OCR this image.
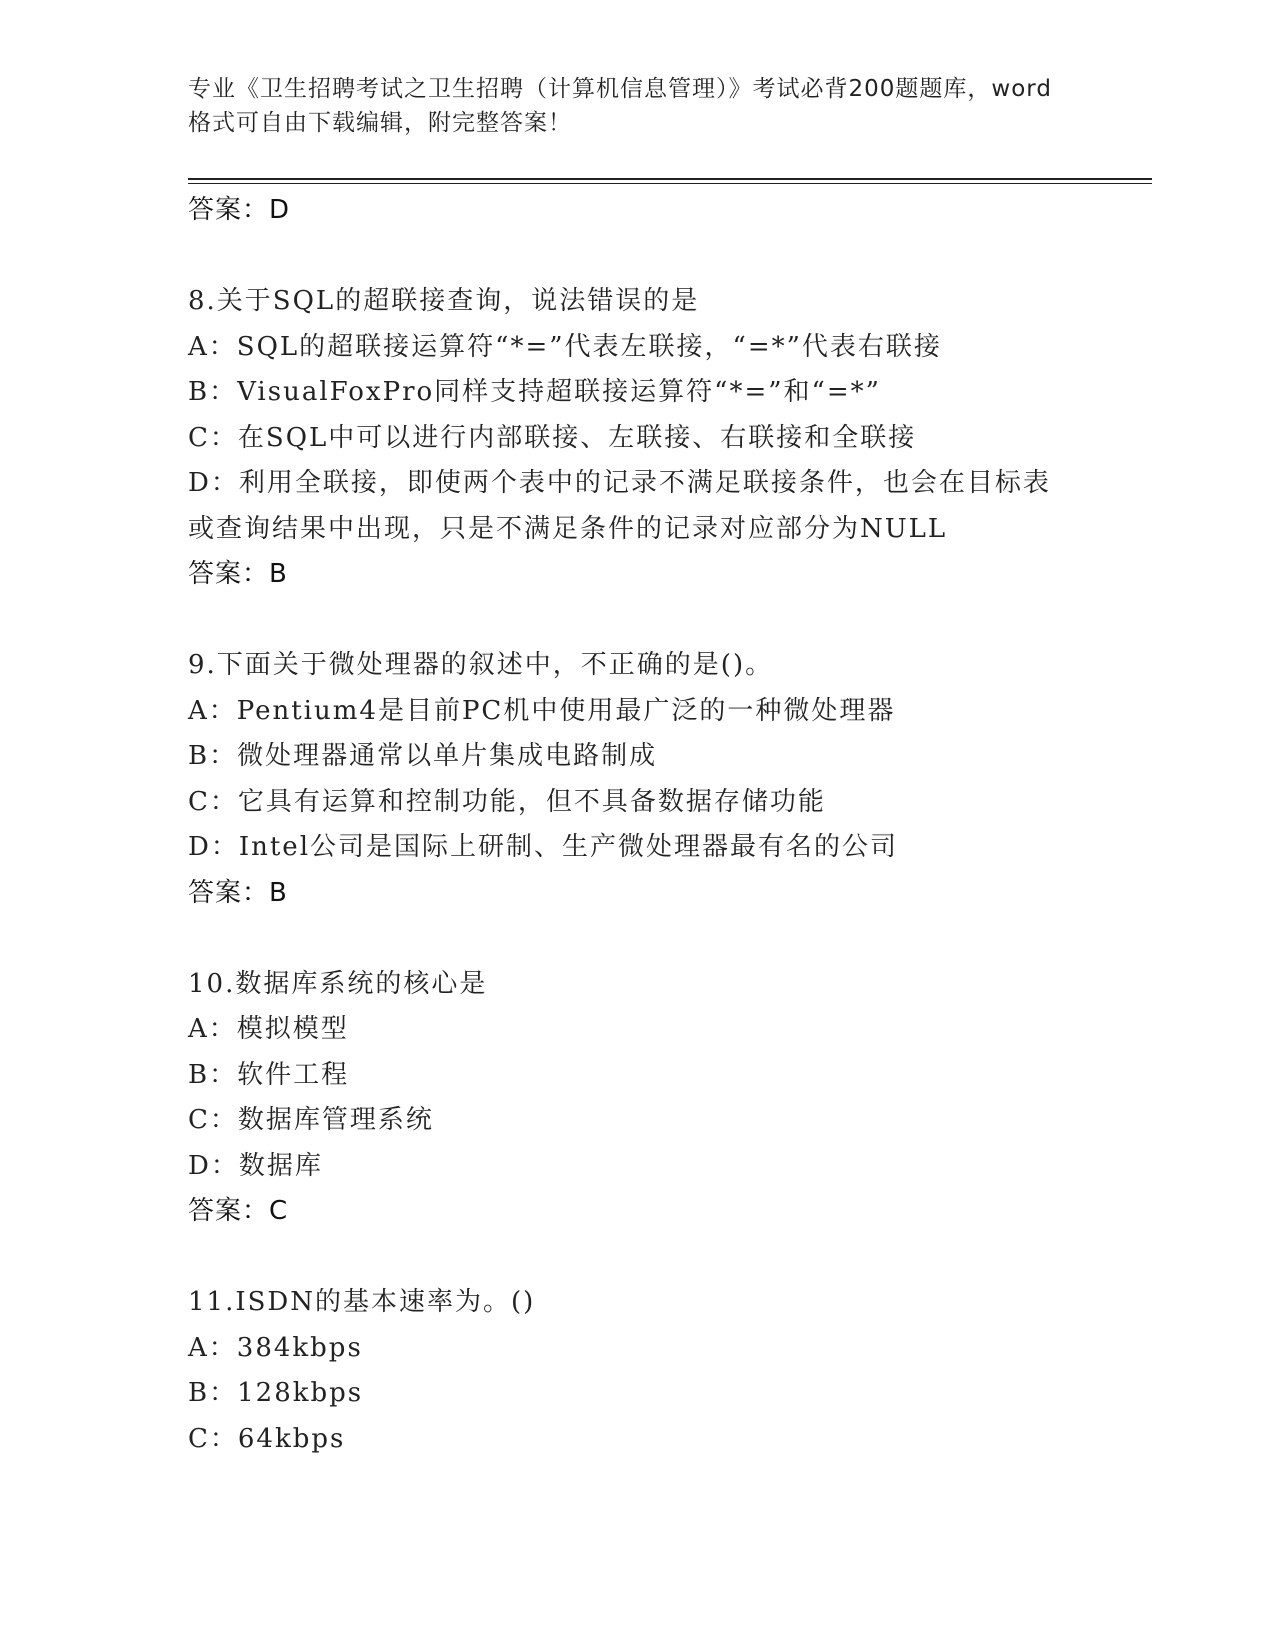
专业《卫生招聘考试之卫生招聘（计算机信息管理）》考试必背200题题库，word
格式可自由下载编辑，附完整答案！
答案：D
8.关于SQL的超联接查询，说法错误的是
A：SQL的超联接运算符“*=”代表左联接，“=*”代表右联接
B：VisualFoxPro同样支持超联接运算符“*=”和“=*”
C：在SQL中可以进行内部联接、左联接、右联接和全联接
D：利用全联接，即使两个表中的记录不满足联接条件，也会在目标表
或查询结果中出现，只是不满足条件的记录对应部分为NULL
答案：B
9.下面关于微处理器的叙述中，不正确的是()。
A：Pentium4是目前PC机中使用最广泛的一种微处理器
B：微处理器通常以单片集成电路制成
C：它具有运算和控制功能，但不具备数据存储功能
D：Intel公司是国际上研制、生产微处理器最有名的公司
答案：B
10.数据库系统的核心是
A：模拟模型
B：软件工程
C：数据库管理系统
D：数据库
答案：C
11.ISDN的基本速率为。()
A：384kbps
B：128kbps
C：64kbps
